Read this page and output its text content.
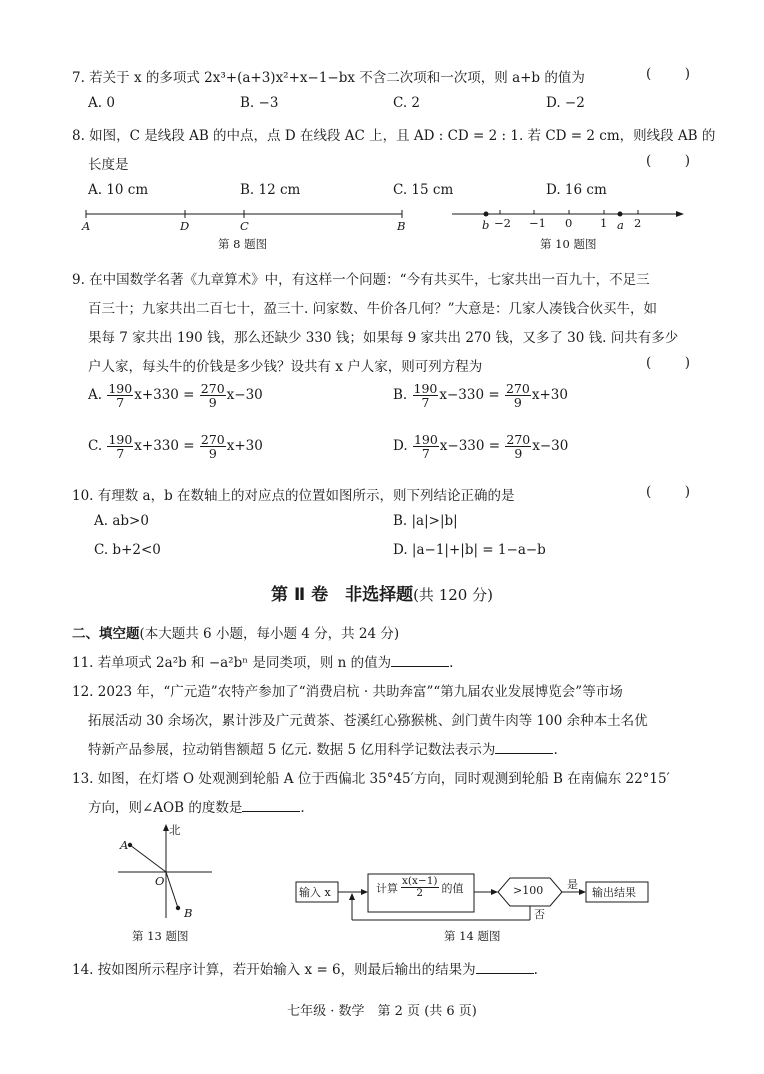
7. 若关于 x 的多项式 2x³+(a+3)x²+x−1−bx 不含二次项和一次项，则 a+b 的值为	( )
A. 0	B. −3	C. 2	D. −2
8. 如图，C 是线段 AB 的中点，点 D 在线段 AC 上，且 AD : CD = 2 : 1. 若 CD = 2 cm，则线段 AB 的
长度是	( )
A. 10 cm	B. 12 cm	C. 15 cm	D. 16 cm
A	D	C	B
第 8 题图
b −2 −1 0 1 a 2
第 10 题图
9. 在中国数学名著《九章算术》中，有这样一个问题：“今有共买牛，七家共出一百九十，不足三
百三十；九家共出二百七十，盈三十. 问家数、牛价各几何？”大意是：几家人凑钱合伙买牛，如
果每 7 家共出 190 钱，那么还缺少 330 钱；如果每 9 家共出 270 钱，又多了 30 钱. 问共有多少
户人家，每头牛的价钱是多少钱？设共有 x 户人家，则可列方程为	( )
A. $\frac{190}{7} x+330 = \frac{270}{9} x-30$	B. $\frac{190}{7} x-330 = \frac{270}{9} x+30$
C. $\frac{190}{7} x+330 = \frac{270}{9} x+30$	D. $\frac{190}{7} x-330 = \frac{270}{9} x-30$
10. 有理数 a，b 在数轴上的对应点的位置如图所示，则下列结论正确的是	( )
A. ab>0	B. |a|>|b|
C. b+2<0	D. |a−1|+|b| = 1−a−b
第 Ⅱ 卷　非选择题(共 120 分)
二、填空题(本大题共 6 小题，每小题 4 分，共 24 分)
11. 若单项式 2a²b 和 −a²bⁿ 是同类项，则 n 的值为	.
12. 2023 年，“广元造”农特产参加了“消费启杭 · 共助奔富”“第九届农业发展博览会”等市场
拓展活动 30 余场次，累计涉及广元黄茶、苍溪红心猕猴桃、剑门黄牛肉等 100 余种本土名优
特新产品参展，拉动销售额超 5 亿元. 数据 5 亿用科学记数法表示为	.
13. 如图，在灯塔 O 处观测到轮船 A 位于西偏北 35°45′方向，同时观测到轮船 B 在南偏东 22°15′
方向，则∠AOB 的度数是	.
北
A
O
B
第 13 题图
输入 x	计算 $\frac{x(x-1)}{2}$ 的值	>100 是
否
输出结果
第 14 题图
14. 按如图所示程序计算，若开始输入 x = 6，则最后输出的结果为	.
七年级 · 数学　第 2 页 (共 6 页)
